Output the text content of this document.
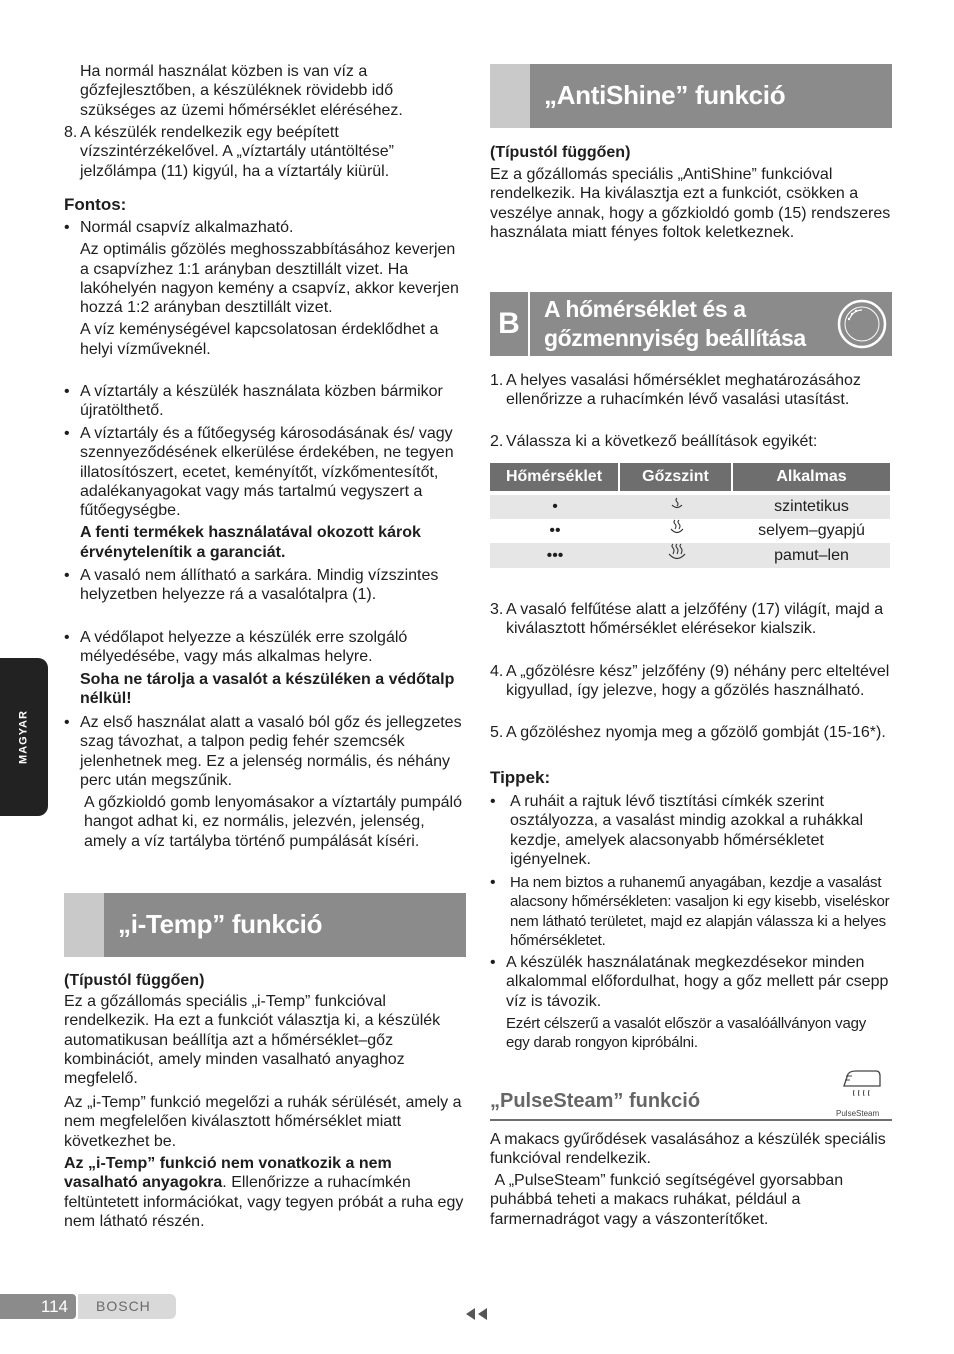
MAGYAR

Ha normál használat közben is van víz a gőzfejlesztőben, a készüléknek rövidebb idő szükséges az üzemi hőmérséklet eléréséhez.

8. A készülék rendelkezik egy beépített vízszintérzékelővel. A „víztartály utántöltése” jelzőlámpa (11) kigyúl, ha a víztartály kiürül.

Fontos:

• Normál csapvíz alkalmazható.

Az optimális gőzölés meghosszabbításához keverjen a csapvízhez 1:1 arányban desztillált vizet. Ha lakóhelyén nagyon kemény a csapvíz, akkor keverjen hozzá 1:2 arányban desztillált vizet.

A víz keménységével kapcsolatosan érdeklődhet a helyi vízműveknél.

• A víztartály a készülék használata közben bármikor újratölthető.

• A víztartály és a fűtőegység károsodásának és/ vagy szennyeződésének elkerülése érdekében, ne tegyen illatosítószert, ecetet, keményítőt, vízkőmentesítőt, adalékanyagokat vagy más tartalmú vegyszert a fűtőegységbe.

A fenti termékek használatával okozott károk érvénytelenítik a garanciát.

• A vasaló nem állítható a sarkára. Mindig vízszintes helyzetben helyezze rá a vasalótalpra (1).

• A védőlapot helyezze a készülék erre szolgáló mélyedésébe, vagy más alkalmas helyre.

Soha ne tárolja a vasalót a készüléken a védőtalp nélkül!

• Az első használat alatt a vasaló ból gőz és jellegzetes szag távozhat, a talpon pedig fehér szemcsék jelenhetnek meg. Ez a jelenség normális, és néhány perc után megszűnik.

A gőzkioldó gomb lenyomásakor a víztartály pumpáló hangot adhat ki, ez normális, jelezvén, jelenség, amely a víz tartályba történő pumpálását kíséri.

„i-Temp” funkció

(Típustól függően)

Ez a gőzállomás speciális „i-Temp” funkcióval rendelkezik. Ha ezt a funkciót választja ki, a készülék automatikusan beállítja azt a hőmérséklet–gőz kombinációt, amely minden vasalható anyaghoz megfelelő.

Az „i-Temp” funkció megelőzi a ruhák sérülését, amely a nem megfelelően kiválasztott hőmérséklet miatt következhet be.

Az „i-Temp” funkció nem vonatkozik a nem vasalható anyagokra. Ellenőrizze a ruhacímkén feltüntetett információkat, vagy tegyen próbát a ruha egy nem látható részén.

„AntiShine” funkció

(Típustól függően)

Ez a gőzállomás speciális „AntiShine” funkcióval rendelkezik. Ha kiválasztja ezt a funkciót, csökken a veszélye annak, hogy a gőzkioldó gomb (15) rendszeres használata miatt fényes foltok keletkeznek.

B	A hőmérséklet és a
gőzmennyiség beállítása
1. A helyes vasalási hőmérséklet meghatározásához ellenőrizze a ruhacímkén lévő vasalási utasítást.

2. Válassza ki a következő beállítások egyikét:

Hőmérséklet	Gőzszint	Alkalmas

•		szintetikus
••		selyem–gyapjú
•••		pamut–len
3. A vasaló felfűtése alatt a jelzőfény (17) világít, majd a kiválasztott hőmérséklet elérésekor kialszik.

4. A „gőzölésre kész” jelzőfény (9) néhány perc elteltével kigyullad, így jelezve, hogy a gőzölés használható.

5. A gőzöléshez nyomja meg a gőzölő gombját (15-16*).

Tippek:

• A ruháit a rajtuk lévő tisztítási címkék szerint osztályozza, a vasalást mindig azokkal a ruhákkal kezdje, amelyek alacsonyabb hőmérsékletet igényelnek.

• Ha nem biztos a ruhanemű anyagában, kezdje a vasalást alacsony hőmérsékleten: vasaljon ki egy kisebb, viseléskor nem látható területet, majd ez alapján válassza ki a helyes hőmérsékletet.

• A készülék használatának megkezdésekor minden alkalommal előfordulhat, hogy a gőz mellett pár csepp víz is távozik.

Ezért célszerű a vasalót először a vasalóállványon vagy egy darab rongyon kipróbálni.

PulseSteam

„PulseSteam” funkció

A makacs gyűrődések vasalásához a készülék speciális funkcióval rendelkezik.

A „PulseSteam” funkció segítségével gyorsabban puhábbá teheti a makacs ruhákat, például a farmernadrágot vagy a vászonterítőket.

114	BOSCH
